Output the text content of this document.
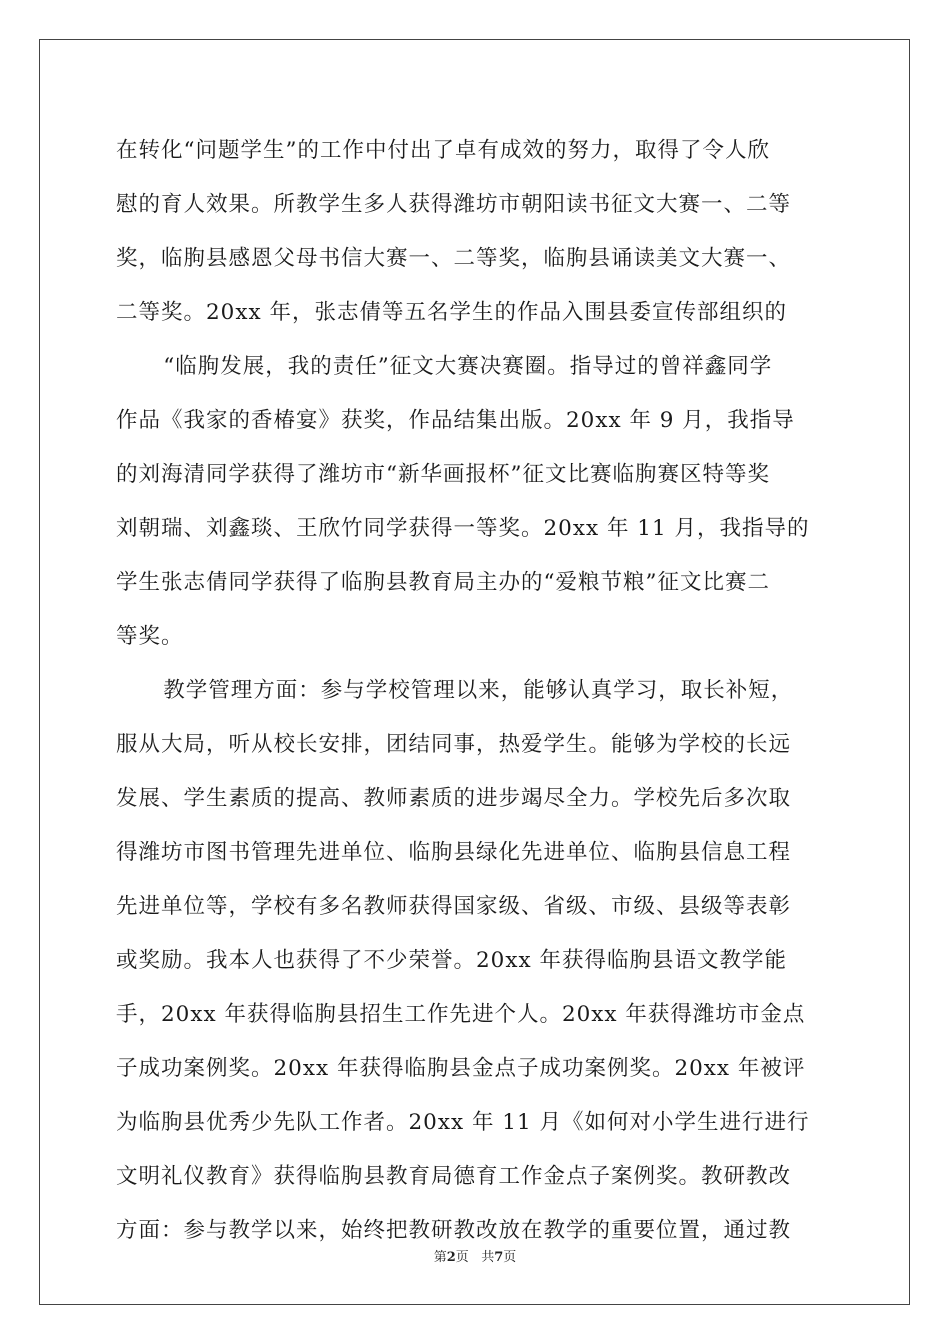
在转化“问题学生”的工作中付出了卓有成效的努力，取得了令人欣
慰的育人效果。所教学生多人获得潍坊市朝阳读书征文大赛一、二等
奖，临朐县感恩父母书信大赛一、二等奖，临朐县诵读美文大赛一、
二等奖。20xx 年，张志倩等五名学生的作品入围县委宣传部组织的

“临朐发展，我的责任”征文大赛决赛圈。指导过的曾祥鑫同学
作品《我家的香椿宴》获奖，作品结集出版。20xx 年 9 月，我指导
的刘海清同学获得了潍坊市“新华画报杯”征文比赛临朐赛区特等奖
刘朝瑞、刘鑫琰、王欣竹同学获得一等奖。20xx 年 11 月，我指导的
学生张志倩同学获得了临朐县教育局主办的“爱粮节粮”征文比赛二
等奖。

教学管理方面：参与学校管理以来，能够认真学习，取长补短，
服从大局，听从校长安排，团结同事，热爱学生。能够为学校的长远
发展、学生素质的提高、教师素质的进步竭尽全力。学校先后多次取
得潍坊市图书管理先进单位、临朐县绿化先进单位、临朐县信息工程
先进单位等，学校有多名教师获得国家级、省级、市级、县级等表彰
或奖励。我本人也获得了不少荣誉。20xx 年获得临朐县语文教学能
手，20xx 年获得临朐县招生工作先进个人。20xx 年获得潍坊市金点
子成功案例奖。20xx 年获得临朐县金点子成功案例奖。20xx 年被评
为临朐县优秀少先队工作者。20xx 年 11 月《如何对小学生进行进行
文明礼仪教育》获得临朐县教育局德育工作金点子案例奖。教研教改
方面：参与教学以来，始终把教研教改放在教学的重要位置，通过教

第2页 共7页
